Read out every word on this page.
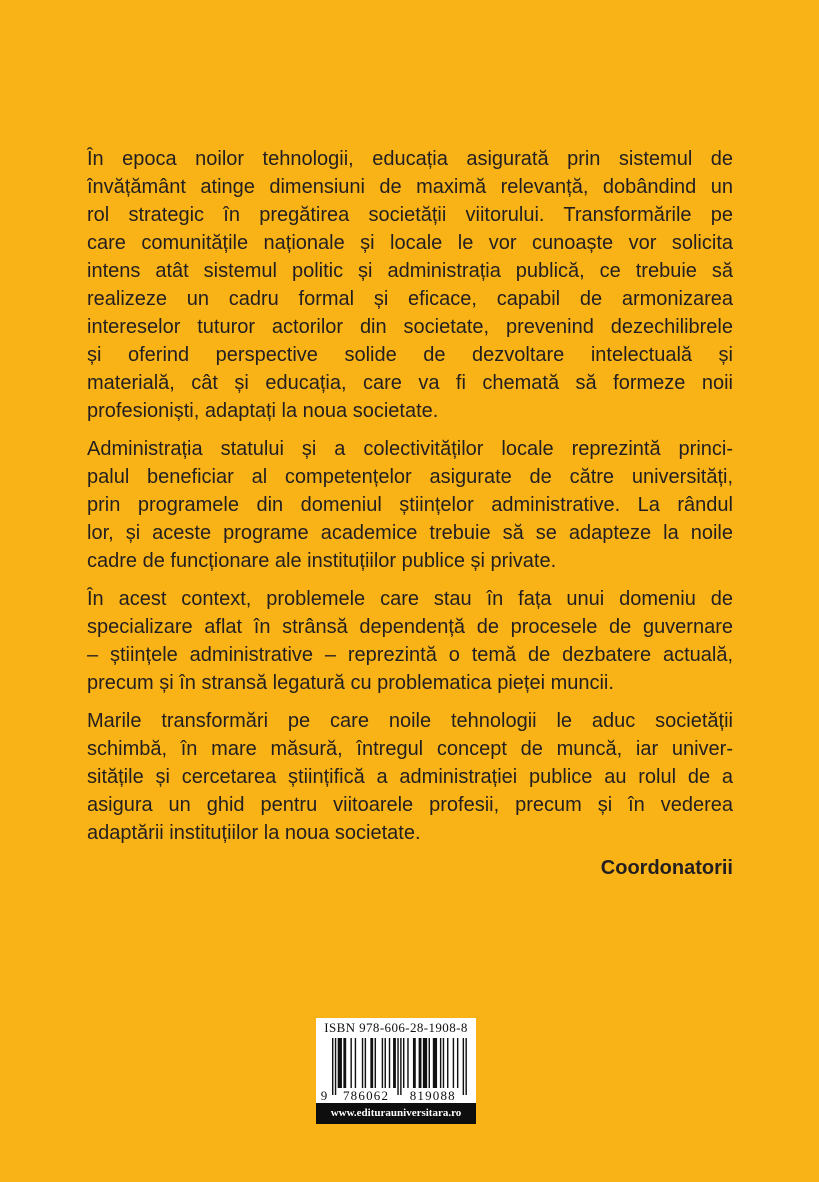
În epoca noilor tehnologii, educația asigurată prin sistemul de
învățământ atinge dimensiuni de maximă relevanță, dobândind un
rol strategic în pregătirea societății viitorului. Transformările pe
care comunitățile naționale și locale le vor cunoaște vor solicita
intens atât sistemul politic și administrația publică, ce trebuie să
realizeze un cadru formal și eficace, capabil de armonizarea
intereselor tuturor actorilor din societate, prevenind dezechilibrele
și oferind perspective solide de dezvoltare intelectuală și
materială, cât și educația, care va fi chemată să formeze noii
profesioniști, adaptați la noua societate.
Administrația statului și a colectivităților locale reprezintă princi-
palul beneficiar al competențelor asigurate de către universități,
prin programele din domeniul științelor administrative. La rândul
lor, și aceste programe academice trebuie să se adapteze la noile
cadre de funcționare ale instituțiilor publice și private.
În acest context, problemele care stau în fața unui domeniu de
specializare aflat în strânsă dependență de procesele de guvernare
– științele administrative – reprezintă o temă de dezbatere actuală,
precum și în stransă legatură cu problematica pieței muncii.
Marile transformări pe care noile tehnologii le aduc societății
schimbă, în mare măsură, întregul concept de muncă, iar univer-
sitățile și cercetarea științifică a administrației publice au rolul de a
asigura un ghid pentru viitoarele profesii, precum și în vederea
adaptării instituțiilor la noua societate.
Coordonatorii
ISBN 978-606-28-1908-8
9 786062 819088
www.editurauniversitara.ro
